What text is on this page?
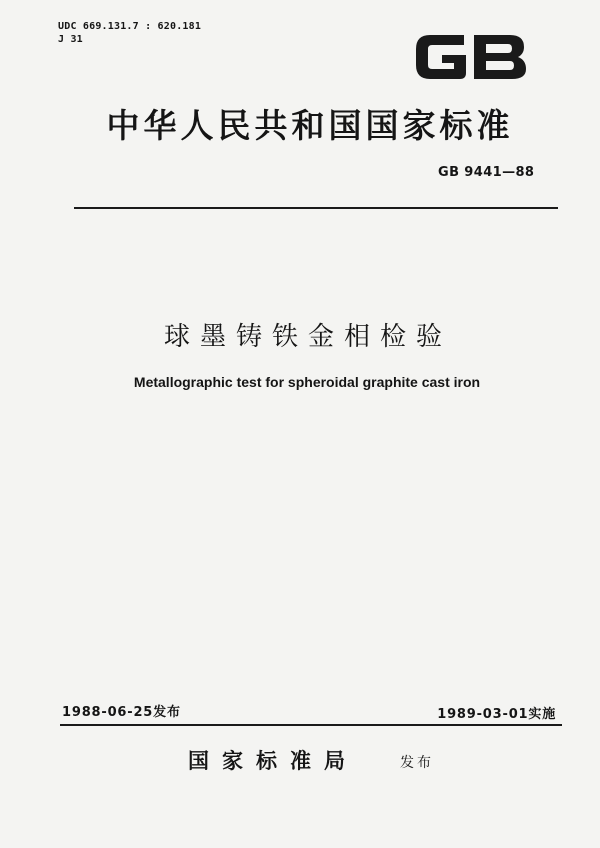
UDC 669.131.7 : 620.181
J 31
中华人民共和国国家标准
GB 9441—88
球墨铸铁金相检验
Metallographic test for spheroidal graphite cast iron
1988-06-25发布	1989-03-01实施
国家标准局	发布
